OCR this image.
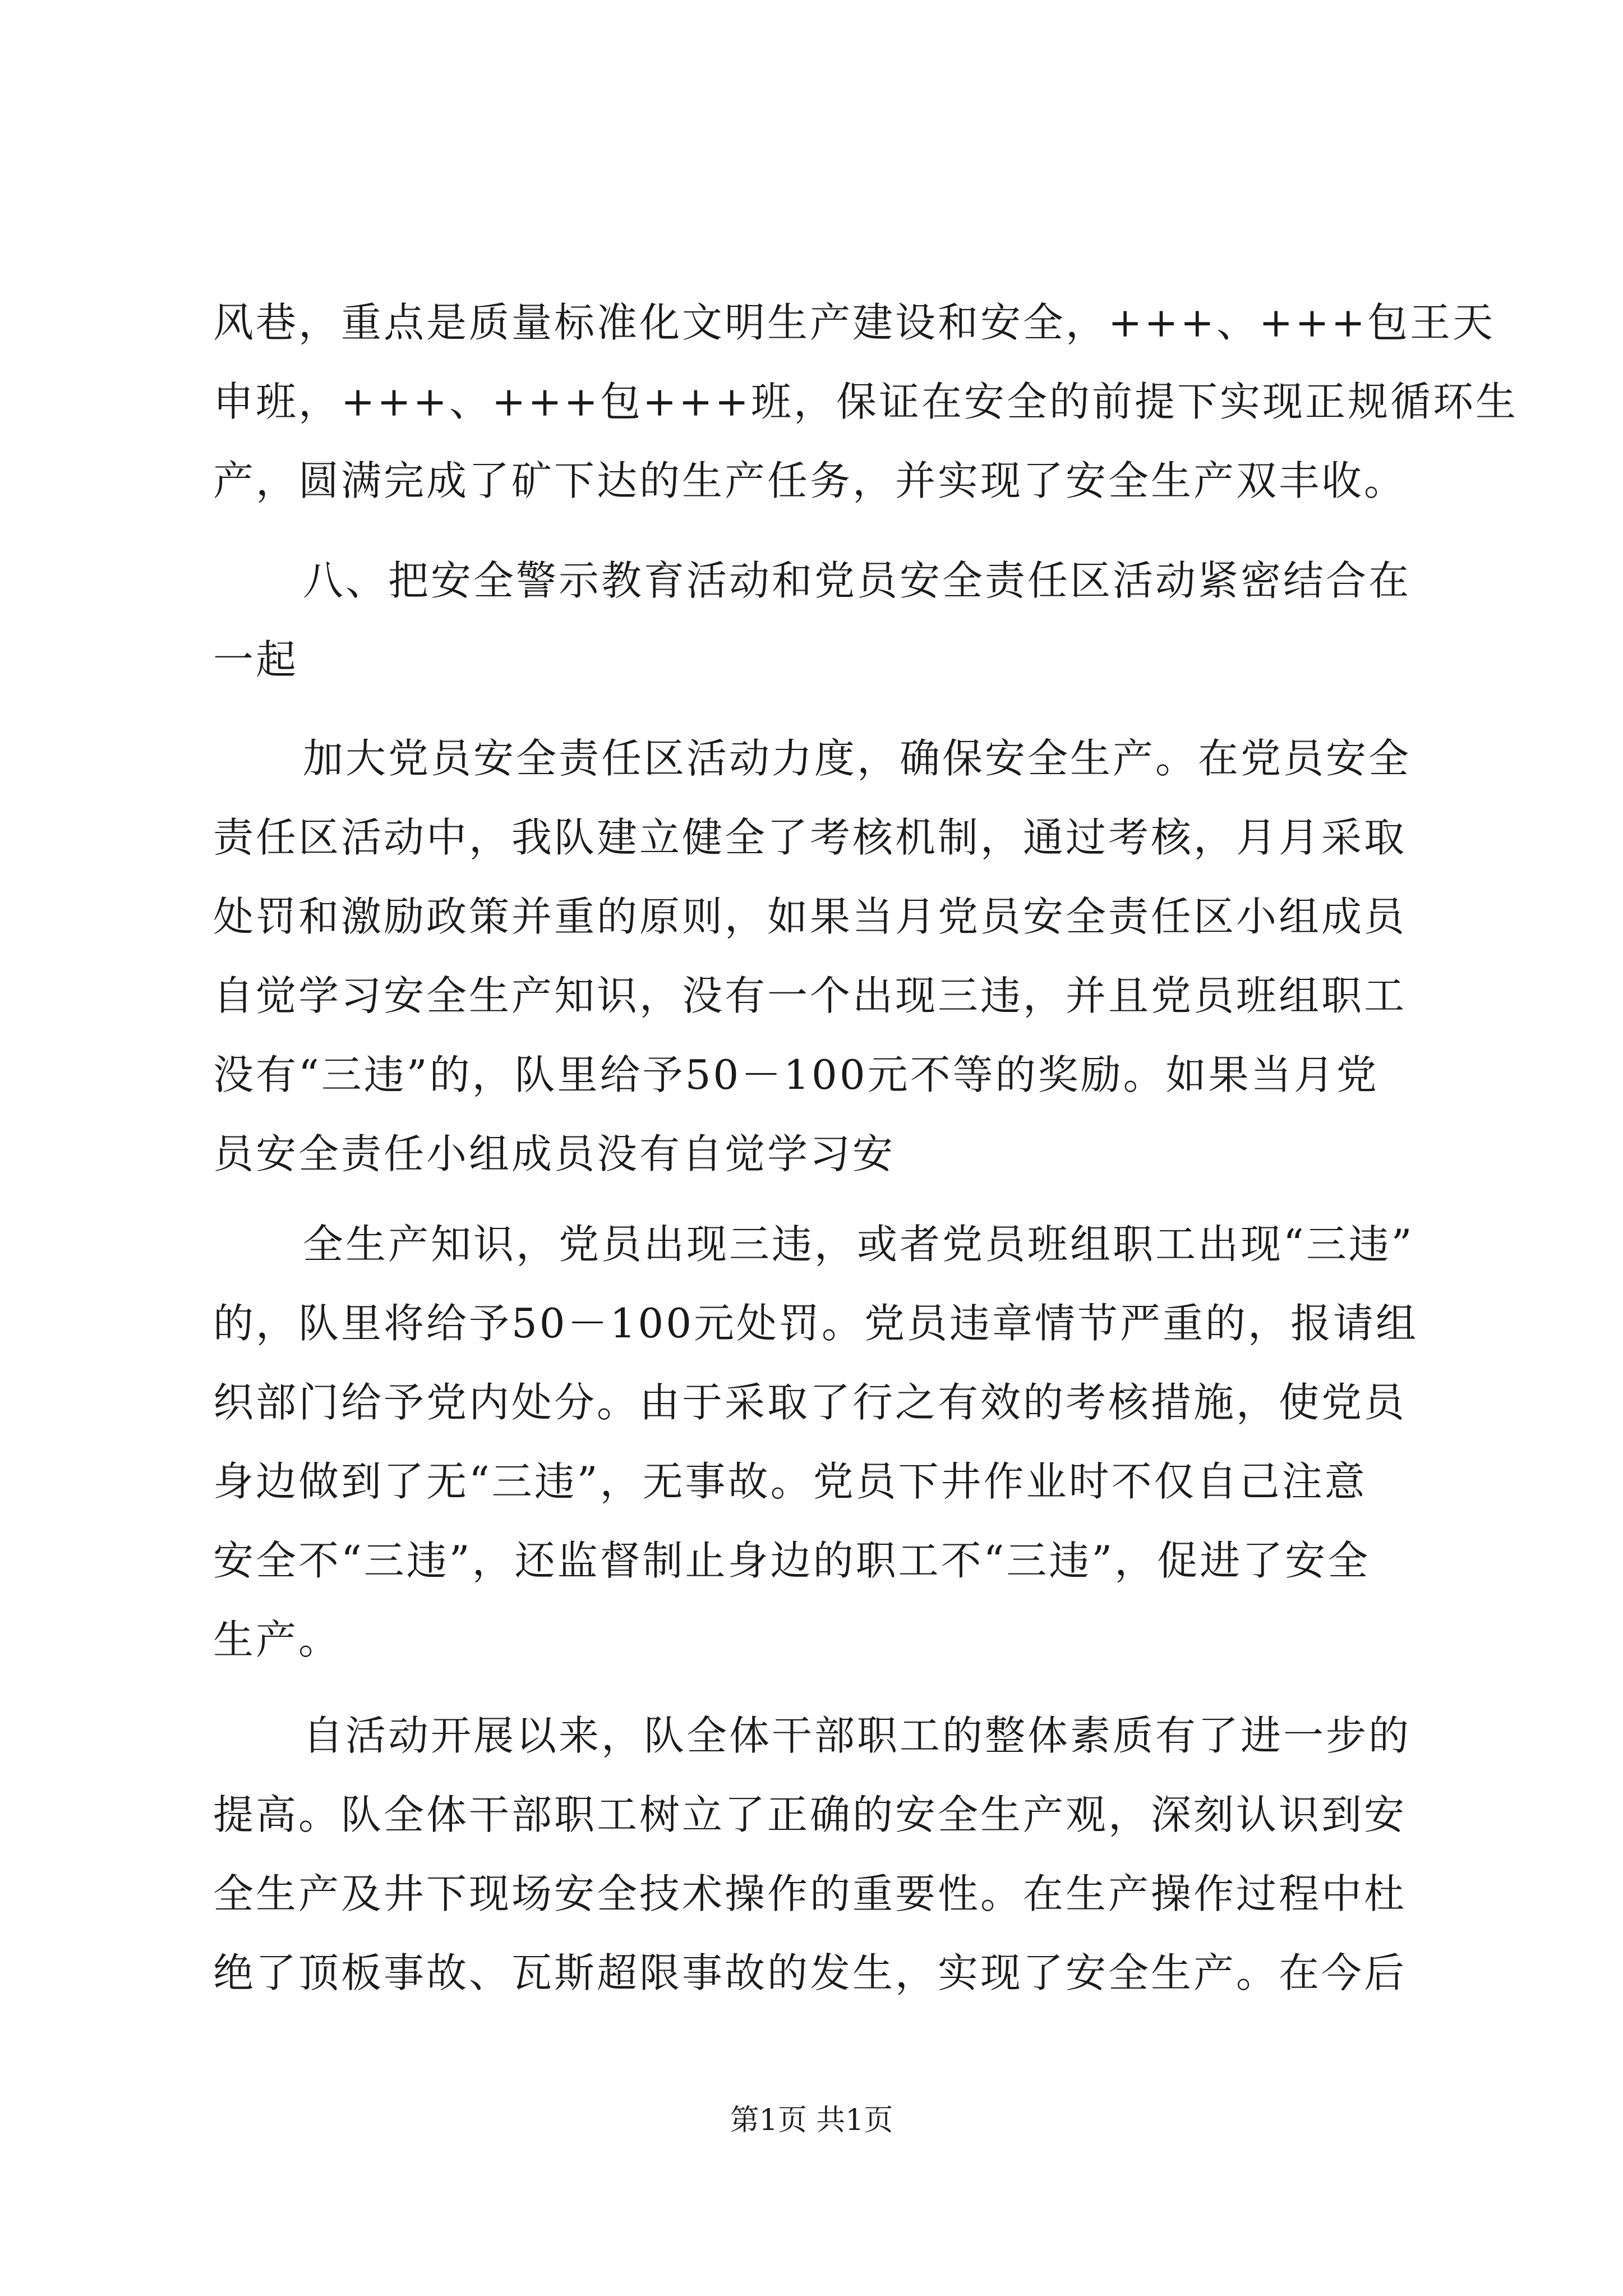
风巷，重点是质量标准化文明生产建设和安全，+++、+++包王天
申班，+++、+++包+++班，保证在安全的前提下实现正规循环生
产，圆满完成了矿下达的生产任务，并实现了安全生产双丰收。
八、把安全警示教育活动和党员安全责任区活动紧密结合在
一起
加大党员安全责任区活动力度，确保安全生产。在党员安全
责任区活动中，我队建立健全了考核机制，通过考核，月月采取
处罚和激励政策并重的原则，如果当月党员安全责任区小组成员
自觉学习安全生产知识，没有一个出现三违，并且党员班组职工
没有“三违”的，队里给予50－100元不等的奖励。如果当月党
员安全责任小组成员没有自觉学习安
全生产知识，党员出现三违，或者党员班组职工出现“三违”
的，队里将给予50－100元处罚。党员违章情节严重的，报请组
织部门给予党内处分。由于采取了行之有效的考核措施，使党员
身边做到了无“三违”，无事故。党员下井作业时不仅自己注意
安全不“三违”，还监督制止身边的职工不“三违”，促进了安全
生产。
自活动开展以来，队全体干部职工的整体素质有了进一步的
提高。队全体干部职工树立了正确的安全生产观，深刻认识到安
全生产及井下现场安全技术操作的重要性。在生产操作过程中杜
绝了顶板事故、瓦斯超限事故的发生，实现了安全生产。在今后
第1页 共1页
